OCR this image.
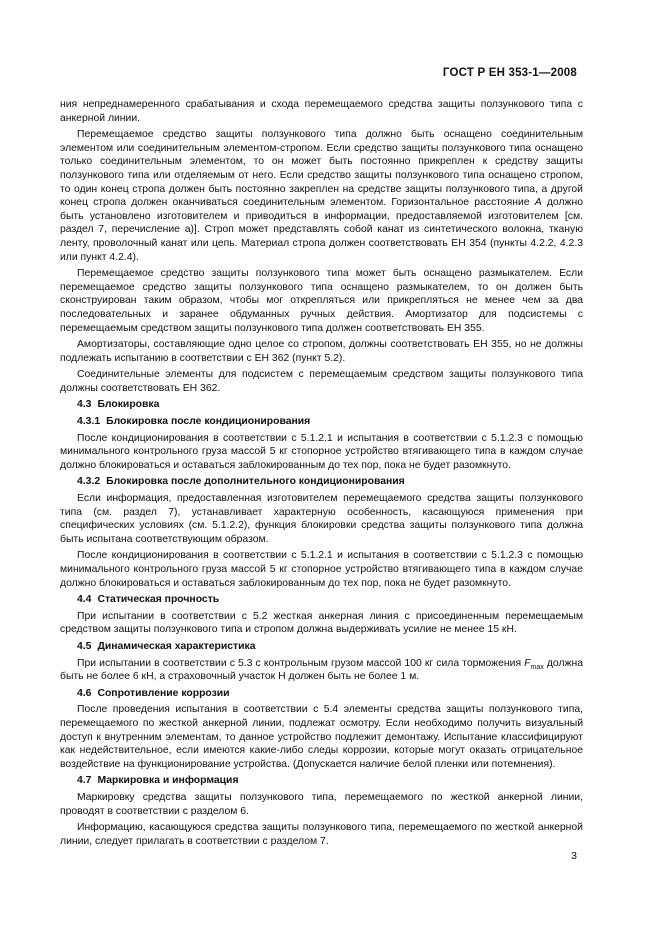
ГОСТ Р ЕН 353-1—2008

ния непреднамеренного срабатывания и схода перемещаемого средства защиты ползункового типа с анкерной линии.

Перемещаемое средство защиты ползункового типа должно быть оснащено соединительным элементом или соединительным элементом-стропом. Если средство защиты ползункового типа оснащено только соединительным элементом, то он может быть постоянно прикреплен к средству защиты ползункового типа или отделяемым от него. Если средство защиты ползункового типа оснащено стропом, то один конец стропа должен быть постоянно закреплен на средстве защиты ползункового типа, а другой конец стропа должен оканчиваться соединительным элементом. Горизонтальное расстояние A должно быть установлено изготовителем и приводиться в информации, предоставляемой изготовителем [см. раздел 7, перечисление а)]. Строп может представлять собой канат из синтетического волокна, тканую ленту, проволочный канат или цепь. Материал стропа должен соответствовать ЕН 354 (пункты 4.2.2, 4.2.3 или пункт 4.2.4).

Перемещаемое средство защиты ползункового типа может быть оснащено размыкателем. Если перемещаемое средство защиты ползункового типа оснащено размыкателем, то он должен быть сконструирован таким образом, чтобы мог открепляться или прикрепляться не менее чем за два последовательных и заранее обдуманных ручных действия. Амортизатор для подсистемы с перемещаемым средством защиты ползункового типа должен соответствовать ЕН 355.

Амортизаторы, составляющие одно целое со стропом, должны соответствовать ЕН 355, но не должны подлежать испытанию в соответствии с ЕН 362 (пункт 5.2).

Соединительные элементы для подсистем с перемещаемым средством защиты ползункового типа должны соответствовать ЕН 362.

4.3 Блокировка
4.3.1 Блокировка после кондиционирования

После кондиционирования в соответствии с 5.1.2.1 и испытания в соответствии с 5.1.2.3 с помощью минимального контрольного груза массой 5 кг стопорное устройство втягивающего типа в каждом случае должно блокироваться и оставаться заблокированным до тех пор, пока не будет разомкнуто.

4.3.2 Блокировка после дополнительного кондиционирования

Если информация, предоставленная изготовителем перемещаемого средства защиты ползункового типа (см. раздел 7), устанавливает характерную особенность, касающуюся применения при специфических условиях (см. 5.1.2.2), функция блокировки средства защиты ползункового типа должна быть испытана соответствующим образом.

После кондиционирования в соответствии с 5.1.2.1 и испытания в соответствии с 5.1.2.3 с помощью минимального контрольного груза массой 5 кг стопорное устройство втягивающего типа в каждом случае должно блокироваться и оставаться заблокированным до тех пор, пока не будет разомкнуто.

4.4 Статическая прочность

При испытании в соответствии с 5.2 жесткая анкерная линия с присоединенным перемещаемым средством защиты ползункового типа и стропом должна выдерживать усилие не менее 15 кН.

4.5 Динамическая характеристика

При испытании в соответствии с 5.3 с контрольным грузом массой 100 кг сила торможения $F_{max}$ должна быть не более 6 кН, а страховочный участок H должен быть не более 1 м.

4.6 Сопротивление коррозии

После проведения испытания в соответствии с 5.4 элементы средства защиты ползункового типа, перемещаемого по жесткой анкерной линии, подлежат осмотру. Если необходимо получить визуальный доступ к внутренним элементам, то данное устройство подлежит демонтажу. Испытание классифицируют как недействительное, если имеются какие-либо следы коррозии, которые могут оказать отрицательное воздействие на функционирование устройства. (Допускается наличие белой пленки или потемнения).

4.7 Маркировка и информация

Маркировку средства защиты ползункового типа, перемещаемого по жесткой анкерной линии, проводят в соответствии с разделом 6.

Информацию, касающуюся средства защиты ползункового типа, перемещаемого по жесткой анкерной линии, следует прилагать в соответствии с разделом 7.

3
